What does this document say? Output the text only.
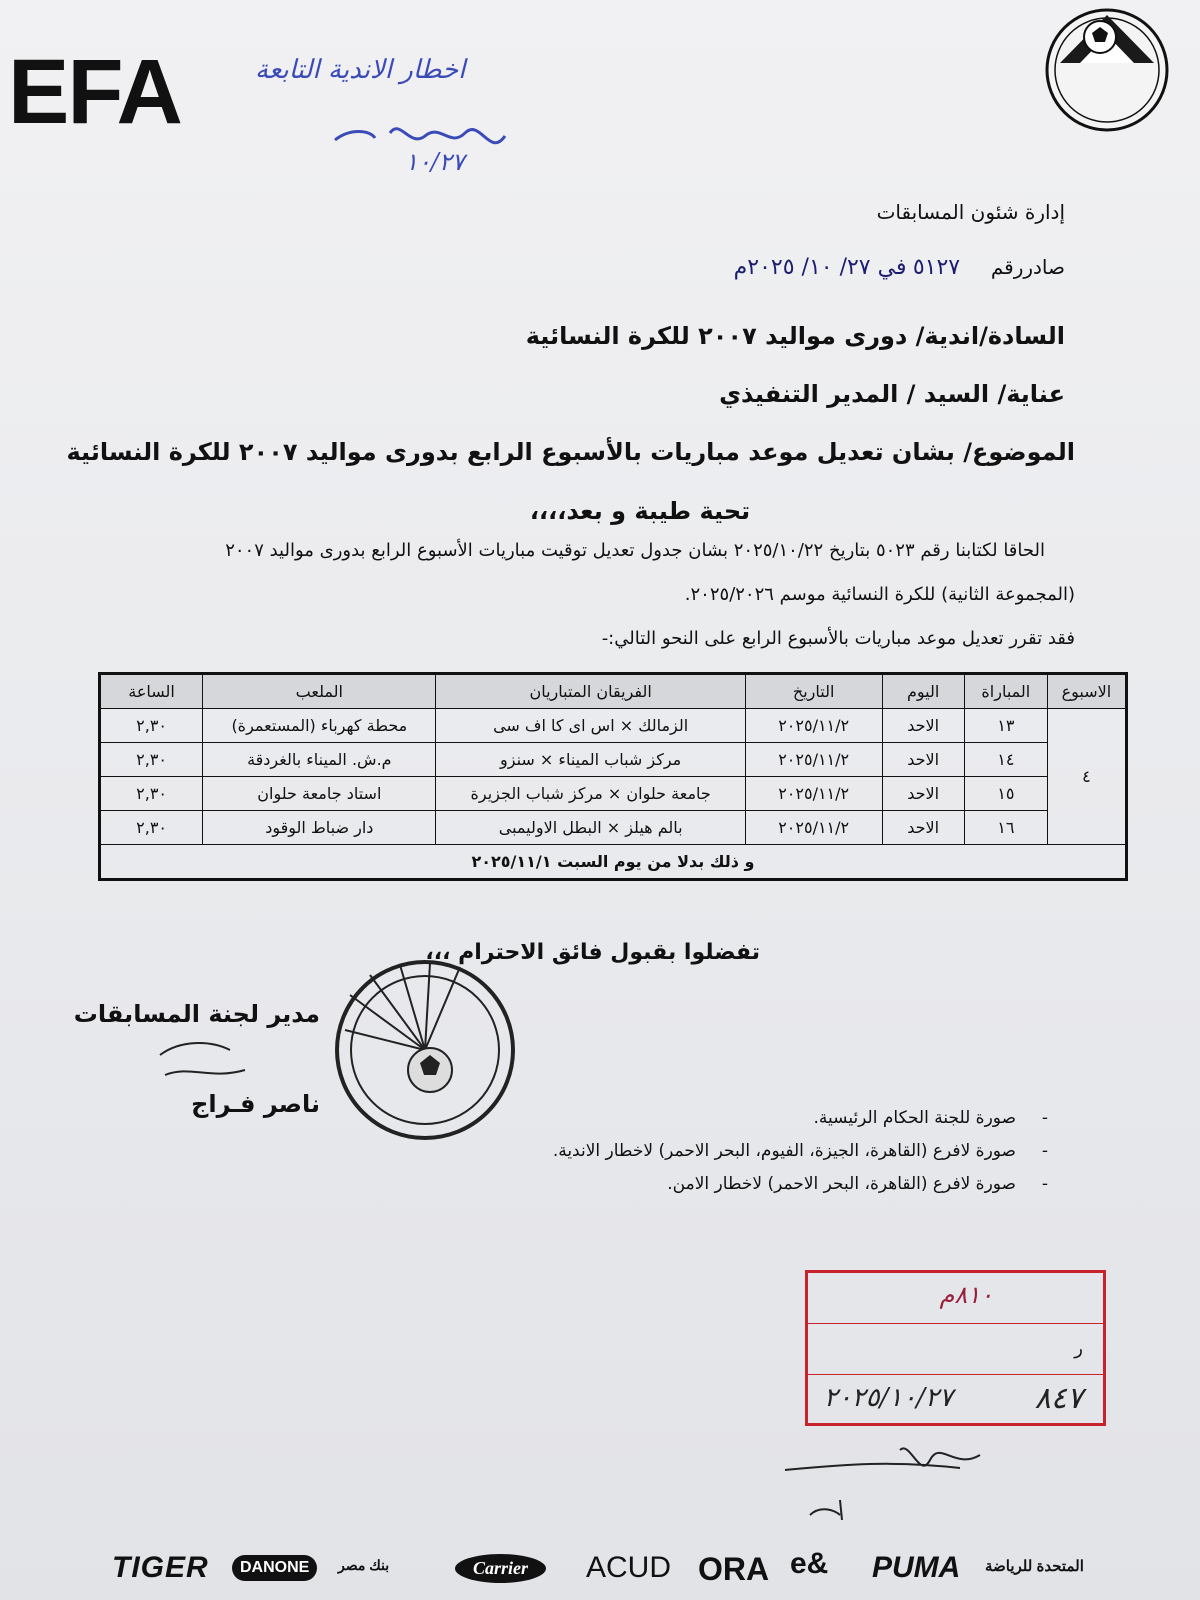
EFA	اخطار الاندية التابعة
١٠/٢٧
إدارة شئون المسابقات
صادررقم  ٥١٢٧ في ٢٧/ ١٠/ ٢٠٢٥م
السادة/اندية/ دورى مواليد ٢٠٠٧ للكرة النسائية
عناية/ السيد / المدير التنفيذي
الموضوع/ بشان تعديل موعد مباريات بالأسبوع الرابع بدورى مواليد ٢٠٠٧ للكرة النسائية
تحية طيبة و بعد،،،،
الحاقا لكتابنا رقم ٥٠٢٣ بتاريخ ٢٠٢٥/١٠/٢٢ بشان جدول تعديل توقيت مباريات الأسبوع الرابع بدورى مواليد ٢٠٠٧
(المجموعة الثانية) للكرة النسائية موسم ٢٠٢٥/٢٠٢٦.
فقد تقرر تعديل موعد مباريات بالأسبوع الرابع على النحو التالي:-
الاسبوع	المباراة	اليوم	التاريخ	الفريقان المتباريان	الملعب	الساعة
٤	١٣	الاحد	٢٠٢٥/١١/٢	الزمالك × اس اى كا اف سى	محطة كهرباء (المستعمرة)	٢,٣٠
	١٤	الاحد	٢٠٢٥/١١/٢	مركز شباب الميناء × سنزو	م.ش. الميناء بالغردقة	٢,٣٠
	١٥	الاحد	٢٠٢٥/١١/٢	جامعة حلوان × مركز شباب الجزيرة	استاد جامعة حلوان	٢,٣٠
	١٦	الاحد	٢٠٢٥/١١/٢	بالم هيلز × البطل الاوليمبى	دار ضباط الوقود	٢,٣٠
و ذلك بدلا من يوم السبت ٢٠٢٥/١١/١						
تفضلوا بقبول فائق الاحترام ،،،
مدير لجنة المسابقات
ناصر فـراج	- صورة للجنة الحكام الرئيسية.
- صورة لافرع (القاهرة، الجيزة، الفيوم، البحر الاحمر) لاخطار الاندية.
- صورة لافرع (القاهرة، البحر الاحمر) لاخطار الامن.
٨١٠م
ر
٨٤٧
٢٠٢٥/١٠/٢٧
TIGER	DANONE	بنك مصر	Carrier	ACUD ORA e& PUMA المتحدة للرياضة
